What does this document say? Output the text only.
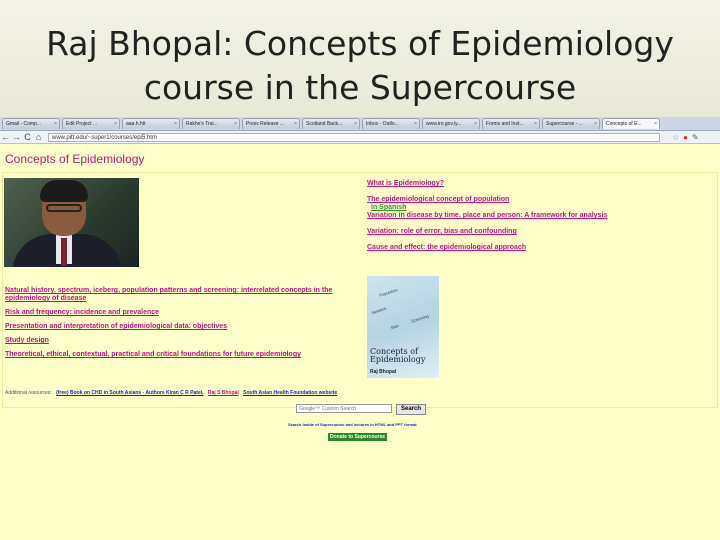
Raj Bhopal: Concepts of Epidemiology
course in the Supercourse
Gmail - Comp...	×	Edit Project ...	×	aaa.h.htt	×	Rakhe's Trai...	×	Press Release ... ×	Scotland Back... ×	Inbox - Outlo...	×	www.iro.gov.ly...	×	Forms and Inst... ×	Supercourse - ... ×	Concepts of E...	×
← → C ⌂	www.pitt.edu/~super1/courses/epi5.htm	☆ ● ✎
Concepts of Epidemiology
What is Epidemiology?
In Spanish
The epidemiological concept of population
Variation in disease by time, place and person: A framework for analysis
Variation: role of error, bias and confounding
Cause and effect: the epidemiological approach
Natural history, spectrum, iceberg, population patterns and screening: interrelated concepts in the epidemiology of disease
Risk and frequency: incidence and prevalence
Presentation and interpretation of epidemiological data: objectives
Study design
Theoretical, ethical, contextual, practical and critical foundations for future epidemiology
Population
Variation
Bias
Screening
Concepts of
Epidemiology
Raj Bhopal
Additional resources: (free) Book on CHD in South Asians - Authors Kiran C R Patel, Raj S Bhopal South Asian Health Foundation website
Google™ Custom Search
Search
Search inside of Supercourse and lectures in HTML and PPT format
Donate to Supercourse
